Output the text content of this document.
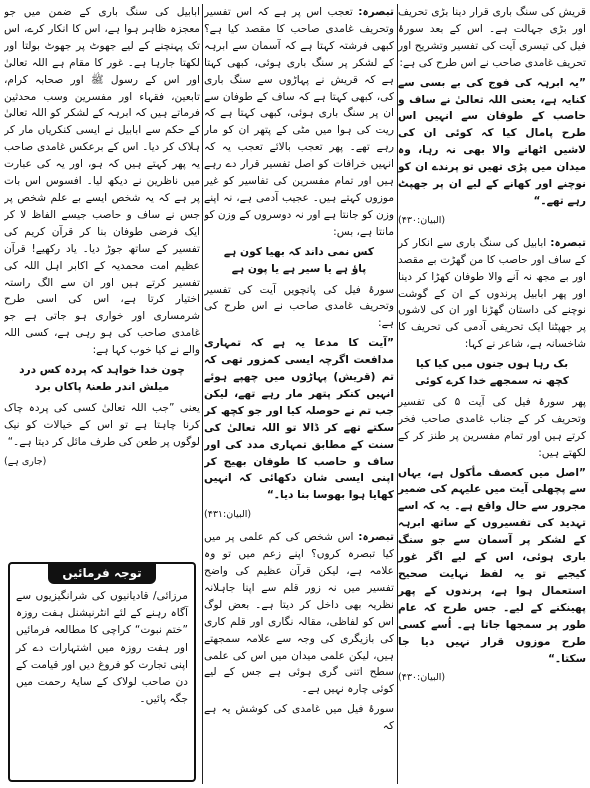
قریش کی سنگ باری قرار دینا بڑی تحریف اور بڑی جہالت ہے۔ اس کے بعد سورۂ فیل کی تیسری آیت کی تفسیر وتشریح اور تحریف غامدی صاحب نے اس طرح کی ہے:

”یہ ابرہہ کی فوج کی بے بسی سے کنایہ ہے، یعنی اللہ تعالیٰ نے ساف و حاصب کے طوفان سے انہیں اس طرح پامال کیا کہ کوئی ان کی لاشیں اٹھانے والا بھی نہ رہا، وہ میدان میں پڑی تھیں تو پرندے ان کو نوچنے اور کھانے کے لیے ان پر جھپٹ رہے تھے۔“

(البیان:۴۳۰)

تبصرہ: ابابیل کی سنگ باری سے انکار کر کے ساف اور حاصب کا من گھڑت بے مقصد اور بے مجھ نہ آنے والا طوفان کھڑا کر دینا اور پھر ابابیل پرندوں کے ان کے گوشت نوچنے کی داستان گھڑنا اور ان کی لاشوں پر جھپٹنا ایک تحریفی آدمی کی تحریف کا شاخسانہ ہے، شاعر نے کہا:

بک رہا ہوں جنوں میں کیا کیا
کچھ نہ سمجھے خدا کرے کوئی

پھر سورۂ فیل کی آیت ۵ کی تفسیر وتحریف کر کے جناب غامدی صاحب فخر کرتے ہیں اور تمام مفسرین پر طنز کر کے لکھتے ہیں:

”اصل میں کعصف مأکول ہے، یہاں سے پچھلی آیت میں علیہم کی ضمیر مجرور سے حال واقع ہے۔ یہ کہ اسے تہدید کی تفسیروں کے ساتھ ابرہہ کے لشکر پر آسمان سے جو سنگ باری ہوئی، اس کے لیے اگر غور کیجیے تو یہ لفظ نہایت صحیح استعمال ہوا ہے، پرندوں کے پھر پھینکنے کے لیے۔ جس طرح کہ عام طور پر سمجھا جاتا ہے۔ اُسے کسی طرح موزوں قرار نہیں دیا جا سکتا۔“

(البیان:۴۳۰)

تبصرہ: تعجب اس پر ہے کہ اس تفسیر وتحریف غامدی صاحب کا مقصد کیا ہے؟ کبھی فرشتہ کہتا ہے کہ آسمان سے ابرہہ کے لشکر پر سنگ باری ہوئی، کبھی کہتا ہے کہ قریش نے پہاڑوں سے سنگ باری کی، کبھی کہتا ہے کہ ساف کے طوفان سے ان پر سنگ باری ہوئی، کبھی کہتا ہے کہ ریت کی ہوا میں مٹی کے پتھر ان کو مار رہے تھے۔ پھر تعجب بالائے تعجب یہ کہ انہیں خرافات کو اصل تفسیر قرار دے رہے ہیں اور تمام مفسرین کی تفاسیر کو غیر موزوں کہتے ہیں۔ عجیب آدمی ہے، نہ اپنے وزن کو جانتا ہے اور نہ دوسروں کے وزن کو مانتا ہے، بس:

کس نمی داند کہ بھیا کون ہے
پاؤ ہے یا سیر ہے یا پون ہے

سورۂ فیل کی پانچویں آیت کی تفسیر وتحریف غامدی صاحب نے اس طرح کی ہے:

”آیت کا مدعا یہ ہے کہ تمہاری مدافعت اگرچہ ایسی کمزور تھی کہ تم (قریش) پہاڑوں میں چھپے ہوئے انہیں کنکر پتھر مار رہے تھے، لیکن جب تم نے حوصلہ کیا اور جو کچھ کر سکتے تھے کر ڈالا تو اللہ تعالیٰ کی سنت کے مطابق تمہاری مدد کی اور ساف و حاصب کا طوفان بھیج کر اپنی ایسی شان دکھائی کہ انہیں کھایا ہوا بھوسا بنا دیا۔“

(البیان:۴۳۱)

تبصرہ: اس شخص کی کم علمی پر میں کیا تبصرہ کروں؟ اپنے زعم میں تو وہ علامہ ہے، لیکن قرآن عظیم کی واضح تفسیر میں نہ زور قلم سے اپنا جاہلانہ نظریہ بھی داخل کر دیتا ہے۔ بعض لوگ اس کو لفاظی، مقالہ نگاری اور قلم کاری کی بازیگری کی وجہ سے علامہ سمجھتے ہیں، لیکن علمی میدان میں اس کی علمی سطح اتنی گری ہوئی ہے جس کے لیے کوئی چارہ نہیں ہے۔

سورۂ فیل میں غامدی کی کوشش یہ ہے کہ

ابابیل کی سنگ باری کے ضمن میں جو معجزہ ظاہر ہوا ہے، اس کا انکار کرے، اس تک پہنچنے کے لیے جھوٹ پر جھوٹ بولتا اور لکھتا جارہا ہے۔ غور کا مقام ہے اللہ تعالیٰ اور اس کے رسول ﷺ اور صحابہ کرام، تابعین، فقہاء اور مفسرین وسب محدثین فرماتے ہیں کہ ابرہہ کے لشکر کو اللہ تعالیٰ کے حکم سے ابابیل نے ایسی کنکریاں مار کر ہلاک کر دیا۔ اس کے برعکس غامدی صاحب یہ پھر کہتے ہیں کہ ہو، اور یہ کی عبارت میں ناظرین نے دیکھ لیا۔ افسوس اس بات پر ہے کہ یہ شخص ایسے بے علم شخص پر جس نے ساف و حاصب جیسے الفاظ لا کر ایک فرضی طوفان بنا کر قرآن کریم کی تفسیر کے ساتھ جوڑ دیا۔ یاد رکھیے! قرآن عظیم امت محمدیہ کے اکابر اہل اللہ کی تفسیر کرتے ہیں اور ان سے الگ راستہ اختیار کرتا ہے، اس کی اسی طرح شرمساری اور خواری ہو جاتی ہے جو غامدی صاحب کی ہو رہی ہے، کسی اللہ والے نے کیا خوب کہا ہے:

چون خدا خواہد کہ پردہ کس درد
میلش اندر طعنۂ پاکاں برد

یعنی ”جب اللہ تعالیٰ کسی کی پردہ چاک کرنا چاہتا ہے تو اس کے خیالات کو نیک لوگوں پر طعن کی طرف مائل کر دیتا ہے۔“

(جاری ہے)
توجہ فرمائیں
مرزائی/ قادیانیوں کی شرانگیزیوں سے آگاہ رہنے کے لئے انٹرنیشنل ہفت روزہ ”ختم نبوت“ کراچی کا مطالعہ فرمائیں اور ہفت روزہ میں اشتہارات دے کر اپنی تجارت کو فروغ دیں اور قیامت کے دن صاحب لولاک کے سایۂ رحمت میں جگہ پائیں۔
